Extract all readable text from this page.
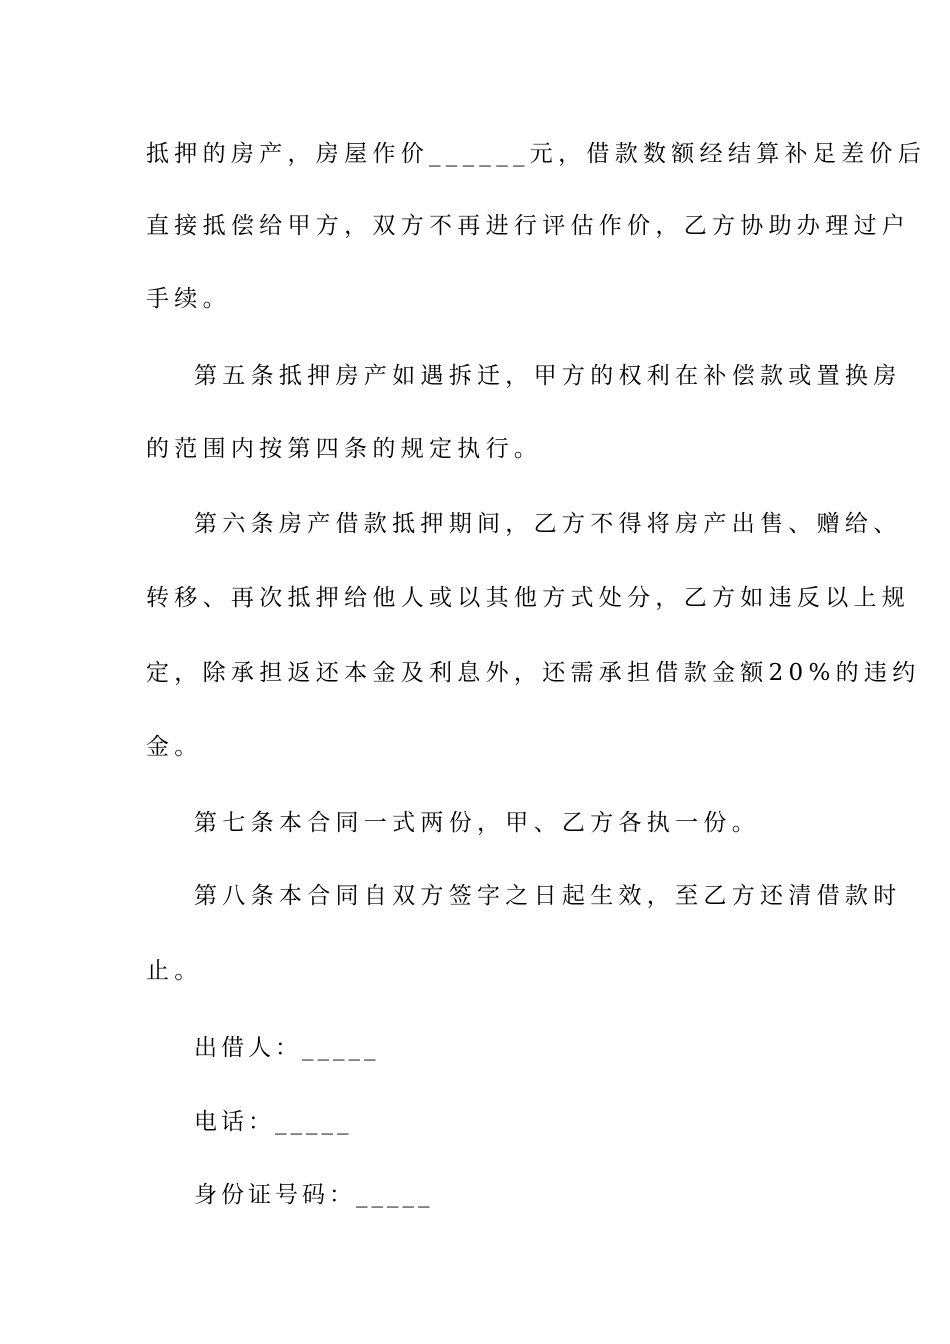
抵押的房产，房屋作价______元，借款数额经结算补足差价后
直接抵偿给甲方，双方不再进行评估作价，乙方协助办理过户
手续。
第五条抵押房产如遇拆迁，甲方的权利在补偿款或置换房
的范围内按第四条的规定执行。
第六条房产借款抵押期间，乙方不得将房产出售、赠给、
转移、再次抵押给他人或以其他方式处分，乙方如违反以上规
定，除承担返还本金及利息外，还需承担借款金额20%的违约
金。
第七条本合同一式两份，甲、乙方各执一份。
第八条本合同自双方签字之日起生效，至乙方还清借款时
止。
出借人：_____
电话：_____
身份证号码：_____
